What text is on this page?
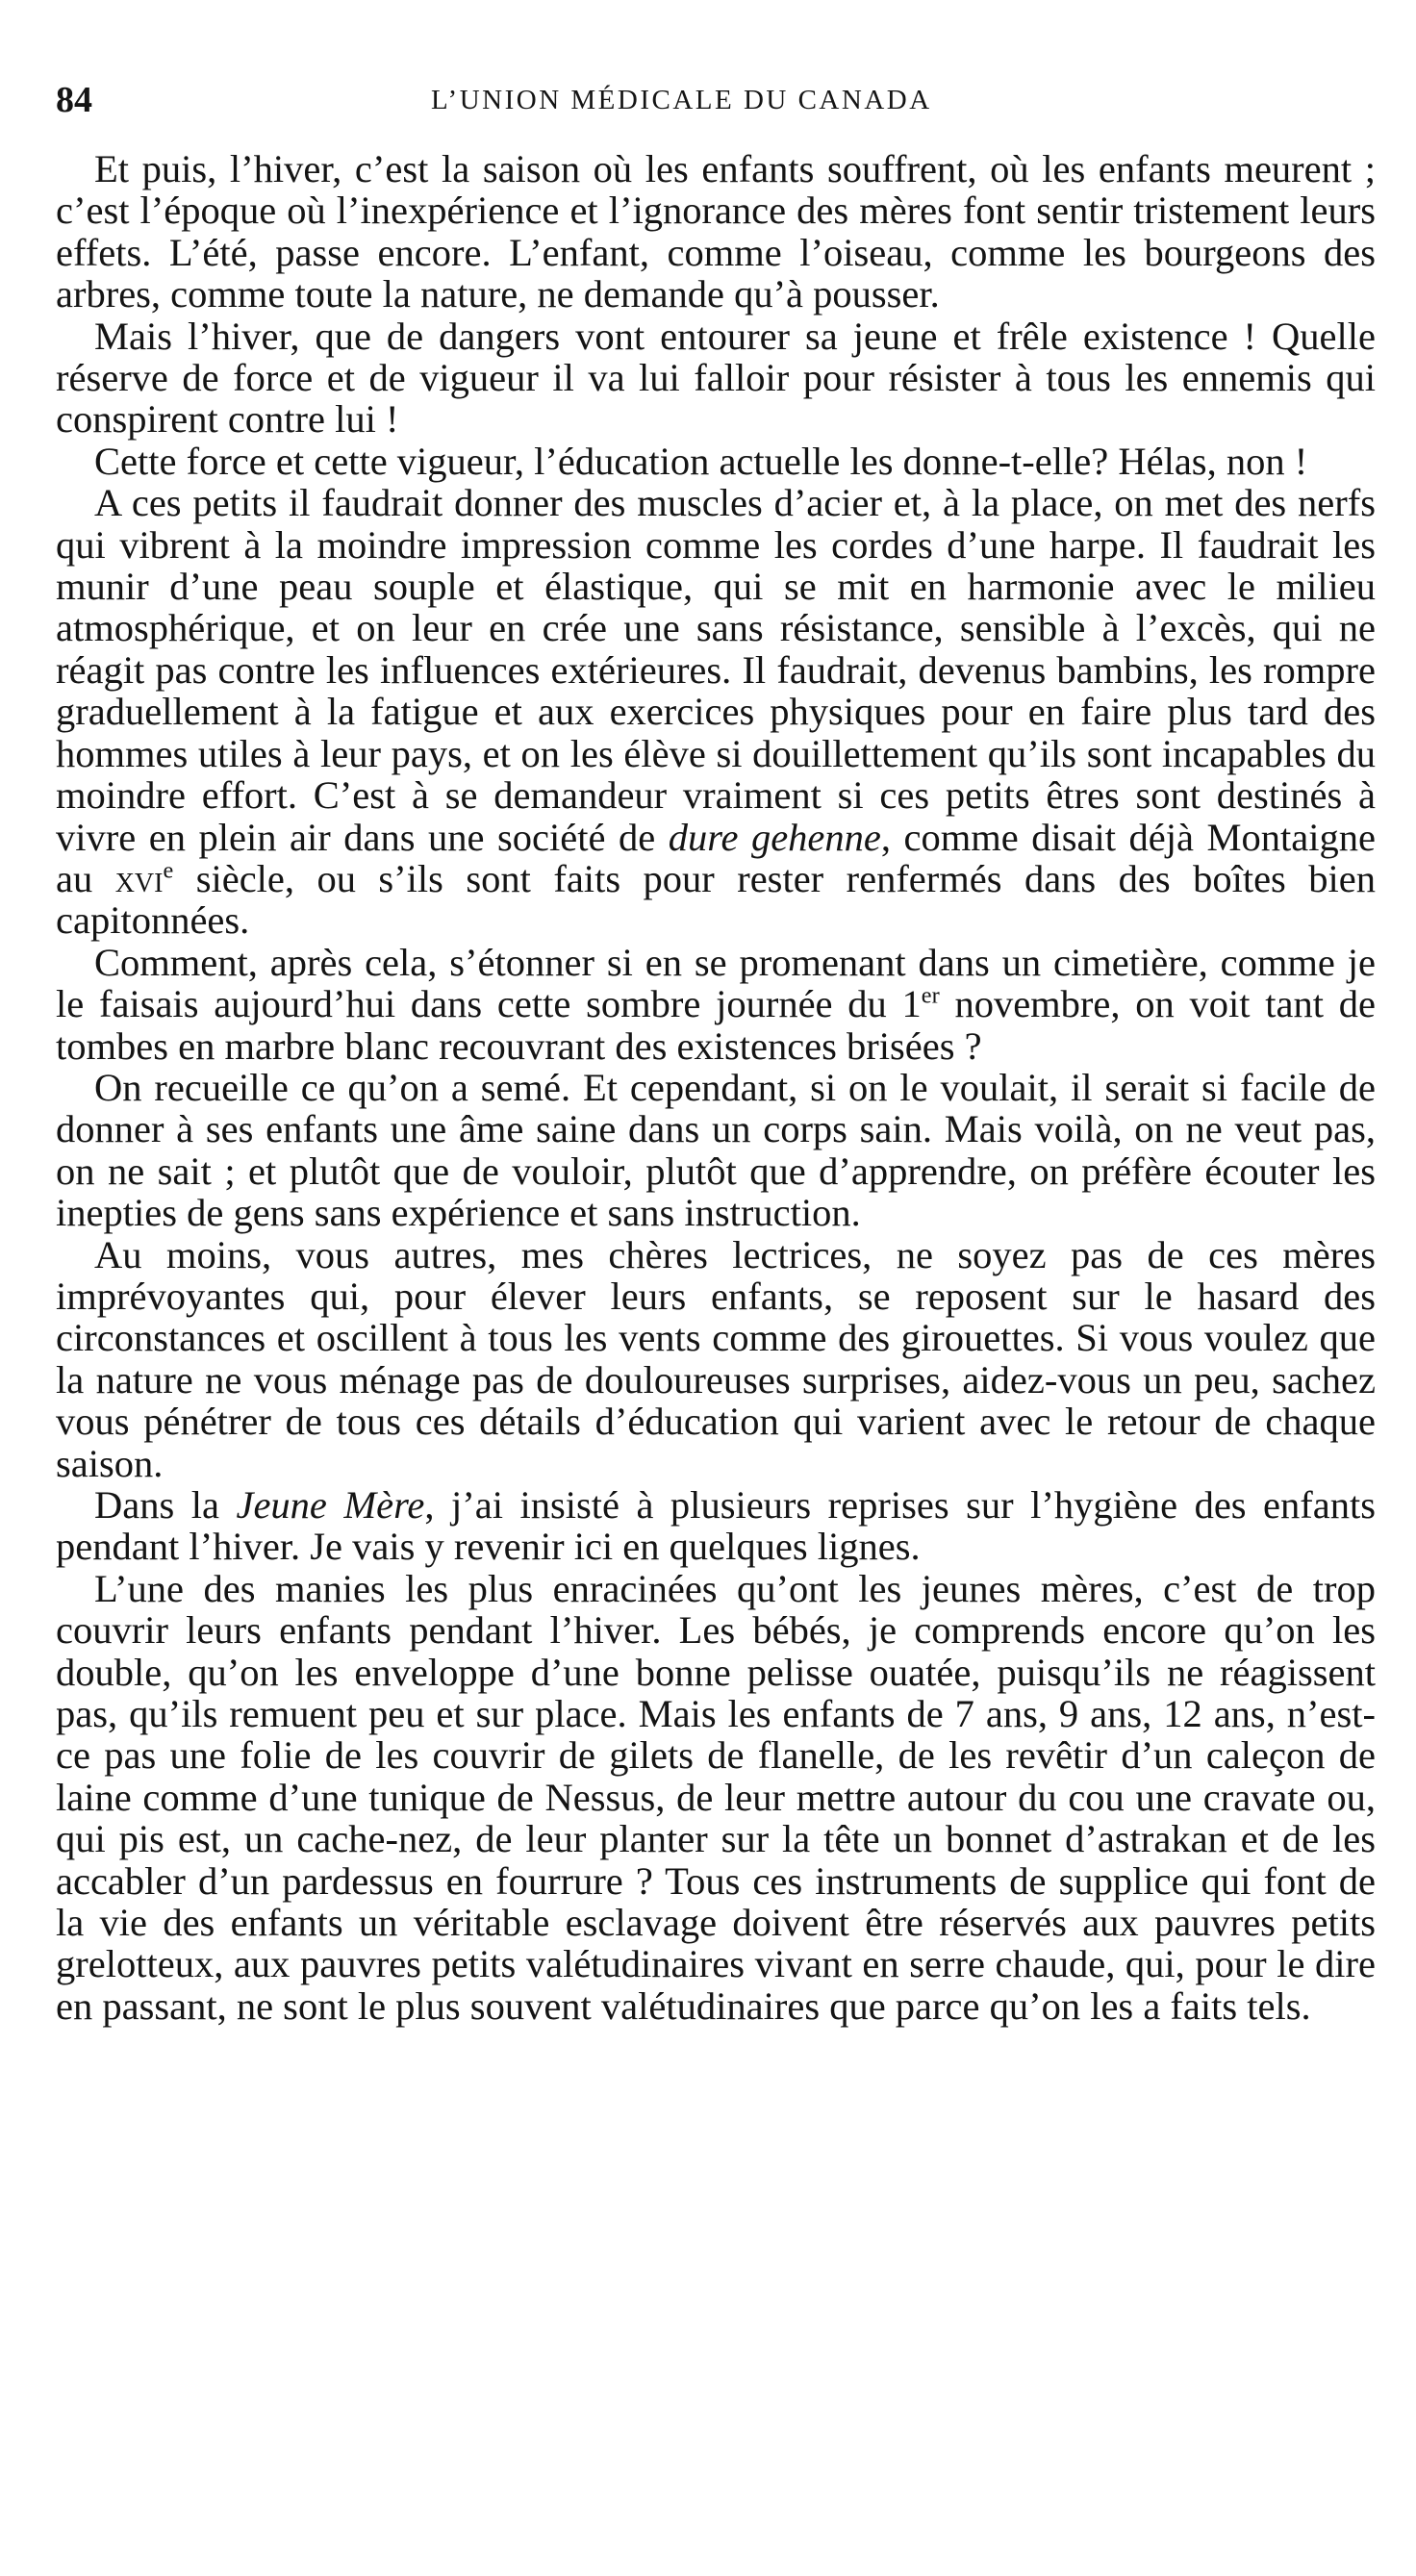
84	L’UNION MÉDICALE DU CANADA

Et puis, l’hiver, c’est la saison où les enfants souffrent, où les enfants meurent ; c’est l’époque où l’inexpérience et l’ignorance des mères font sentir tristement leurs effets. L’été, passe encore. L’enfant, comme l’oiseau, comme les bourgeons des arbres, comme toute la nature, ne demande qu’à pousser.

Mais l’hiver, que de dangers vont entourer sa jeune et frêle existence ! Quelle réserve de force et de vigueur il va lui falloir pour résister à tous les ennemis qui conspirent contre lui !

Cette force et cette vigueur, l’éducation actuelle les donne-t-elle? Hélas, non !

A ces petits il faudrait donner des muscles d’acier et, à la place, on met des nerfs qui vibrent à la moindre impression comme les cordes d’une harpe. Il faudrait les munir d’une peau souple et élastique, qui se mit en harmonie avec le milieu atmosphérique, et on leur en crée une sans résistance, sensible à l’excès, qui ne réagit pas contre les influences extérieures. Il faudrait, devenus bambins, les rompre graduellement à la fatigue et aux exercices physiques pour en faire plus tard des hommes utiles à leur pays, et on les élève si douillettement qu’ils sont incapables du moindre effort. C’est à se demandeur vraiment si ces petits êtres sont destinés à vivre en plein air dans une société de dure gehenne, comme disait déjà Montaigne au xvi$^e$ siècle, ou s’ils sont faits pour rester renfermés dans des boîtes bien capitonnées.

Comment, après cela, s’étonner si en se promenant dans un cimetière, comme je le faisais aujourd’hui dans cette sombre journée du 1er novembre, on voit tant de tombes en marbre blanc recouvrant des existences brisées ?

On recueille ce qu’on a semé. Et cependant, si on le voulait, il serait si facile de donner à ses enfants une âme saine dans un corps sain. Mais voilà, on ne veut pas, on ne sait ; et plutôt que de vouloir, plutôt que d’apprendre, on préfère écouter les inepties de gens sans expérience et sans instruction.

Au moins, vous autres, mes chères lectrices, ne soyez pas de ces mères imprévoyantes qui, pour élever leurs enfants, se reposent sur le hasard des circonstances et oscillent à tous les vents comme des girouettes. Si vous voulez que la nature ne vous ménage pas de douloureuses surprises, aidez-vous un peu, sachez vous pénétrer de tous ces détails d’éducation qui varient avec le retour de chaque saison.

Dans la Jeune Mère, j’ai insisté à plusieurs reprises sur l’hygiène des enfants pendant l’hiver. Je vais y revenir ici en quelques lignes.

L’une des manies les plus enracinées qu’ont les jeunes mères, c’est de trop couvrir leurs enfants pendant l’hiver. Les bébés, je comprends encore qu’on les double, qu’on les enveloppe d’une bonne pelisse ouatée, puisqu’ils ne réagissent pas, qu’ils remuent peu et sur place. Mais les enfants de 7 ans, 9 ans, 12 ans, n’est-ce pas une folie de les couvrir de gilets de flanelle, de les revêtir d’un caleçon de laine comme d’une tunique de Nessus, de leur mettre autour du cou une cravate ou, qui pis est, un cache-nez, de leur planter sur la tête un bonnet d’astrakan et de les accabler d’un pardessus en fourrure ? Tous ces instruments de supplice qui font de la vie des enfants un véritable esclavage doivent être réservés aux pauvres petits grelotteux, aux pauvres petits valétudinaires vivant en serre chaude, qui, pour le dire en passant, ne sont le plus souvent valétudinaires que parce qu’on les a faits tels.
